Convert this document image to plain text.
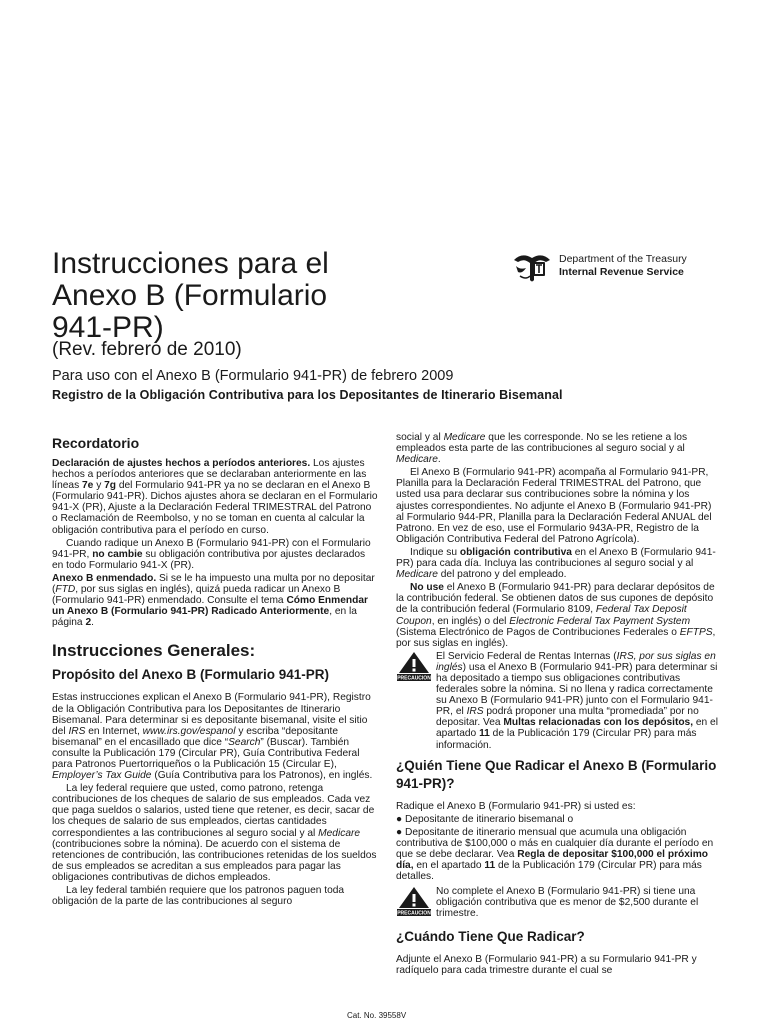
Instrucciones para el
Anexo B (Formulario
941-PR)
(Rev. febrero de 2010)
Department of the Treasury
Internal Revenue Service
Para uso con el Anexo B (Formulario 941-PR) de febrero 2009
Registro de la Obligación Contributiva para los Depositantes de Itinerario Bisemanal
Recordatorio

Declaración de ajustes hechos a períodos anteriores. Los ajustes hechos a períodos anteriores que se declaraban anteriormente en las líneas 7e y 7g del Formulario 941-PR ya no se declaran en el Anexo B (Formulario 941-PR). Dichos ajustes ahora se declaran en el Formulario 941-X (PR), Ajuste a la Declaración Federal TRIMESTRAL del Patrono o Reclamación de Reembolso, y no se toman en cuenta al calcular la obligación contributiva para el período en curso.

Cuando radique un Anexo B (Formulario 941-PR) con el Formulario 941-PR, no cambie su obligación contributiva por ajustes declarados en todo Formulario 941-X (PR).

Anexo B enmendado. Si se le ha impuesto una multa por no depositar (FTD, por sus siglas en inglés), quizá pueda radicar un Anexo B (Formulario 941-PR) enmendado. Consulte el tema Cómo Enmendar un Anexo B (Formulario 941-PR) Radicado Anteriormente, en la página 2.

Instrucciones Generales:
Propósito del Anexo B (Formulario 941-PR)

Estas instrucciones explican el Anexo B (Formulario 941-PR), Registro de la Obligación Contributiva para los Depositantes de Itinerario Bisemanal. Para determinar si es depositante bisemanal, visite el sitio del IRS en Internet, www.irs.gov/espanol y escriba “depositante bisemanal” en el encasillado que dice “Search” (Buscar). También consulte la Publicación 179 (Circular PR), Guía Contributiva Federal para Patronos Puertorriqueños o la Publicación 15 (Circular E), Employer’s Tax Guide (Guía Contributiva para los Patronos), en inglés.

La ley federal requiere que usted, como patrono, retenga contribuciones de los cheques de salario de sus empleados. Cada vez que paga sueldos o salarios, usted tiene que retener, es decir, sacar de los cheques de salario de sus empleados, ciertas cantidades correspondientes a las contribuciones al seguro social y al Medicare (contribuciones sobre la nómina). De acuerdo con el sistema de retenciones de contribución, las contribuciones retenidas de los sueldos de sus empleados se acreditan a sus empleados para pagar las obligaciones contributivas de dichos empleados.

La ley federal también requiere que los patronos paguen toda obligación de la parte de las contribuciones al seguro

social y al Medicare que les corresponde. No se les retiene a los empleados esta parte de las contribuciones al seguro social y al Medicare.

El Anexo B (Formulario 941-PR) acompaña al Formulario 941-PR, Planilla para la Declaración Federal TRIMESTRAL del Patrono, que usted usa para declarar sus contribuciones sobre la nómina y los ajustes correspondientes. No adjunte el Anexo B (Formulario 941-PR) al Formulario 944-PR, Planilla para la Declaración Federal ANUAL del Patrono. En vez de eso, use el Formulario 943A-PR, Registro de la Obligación Contributiva Federal del Patrono Agrícola).

Indique su obligación contributiva en el Anexo B (Formulario 941-PR) para cada día. Incluya las contribuciones al seguro social y al Medicare del patrono y del empleado.

No use el Anexo B (Formulario 941-PR) para declarar depósitos de la contribución federal. Se obtienen datos de sus cupones de depósito de la contribución federal (Formulario 8109, Federal Tax Deposit Coupon, en inglés) o del Electronic Federal Tax Payment System (Sistema Electrónico de Pagos de Contribuciones Federales o EFTPS, por sus siglas en inglés).

PRECAUCION
El Servicio Federal de Rentas Internas (IRS, por sus siglas en inglés) usa el Anexo B (Formulario 941-PR) para determinar si ha depositado a tiempo sus obligaciones contributivas federales sobre la nómina. Si no llena y radica correctamente su Anexo B (Formulario 941-PR) junto con el Formulario 941-PR, el IRS podrá proponer una multa “promediada” por no depositar. Vea Multas relacionadas con los depósitos, en el apartado 11 de la Publicación 179 (Circular PR) para más información.
¿Quién Tiene Que Radicar el Anexo B (Formulario 941-PR)?

Radique el Anexo B (Formulario 941-PR) si usted es:

● Depositante de itinerario bisemanal o

● Depositante de itinerario mensual que acumula una obligación contributiva de $100,000 o más en cualquier día durante el período en que se debe declarar. Vea Regla de depositar $100,000 el próximo día, en el apartado 11 de la Publicación 179 (Circular PR) para más detalles.

PRECAUCION
No complete el Anexo B (Formulario 941-PR) si tiene una obligación contributiva que es menor de $2,500 durante el trimestre.
¿Cuándo Tiene Que Radicar?

Adjunte el Anexo B (Formulario 941-PR) a su Formulario 941-PR y radíquelo para cada trimestre durante el cual se

Cat. No. 39558V
